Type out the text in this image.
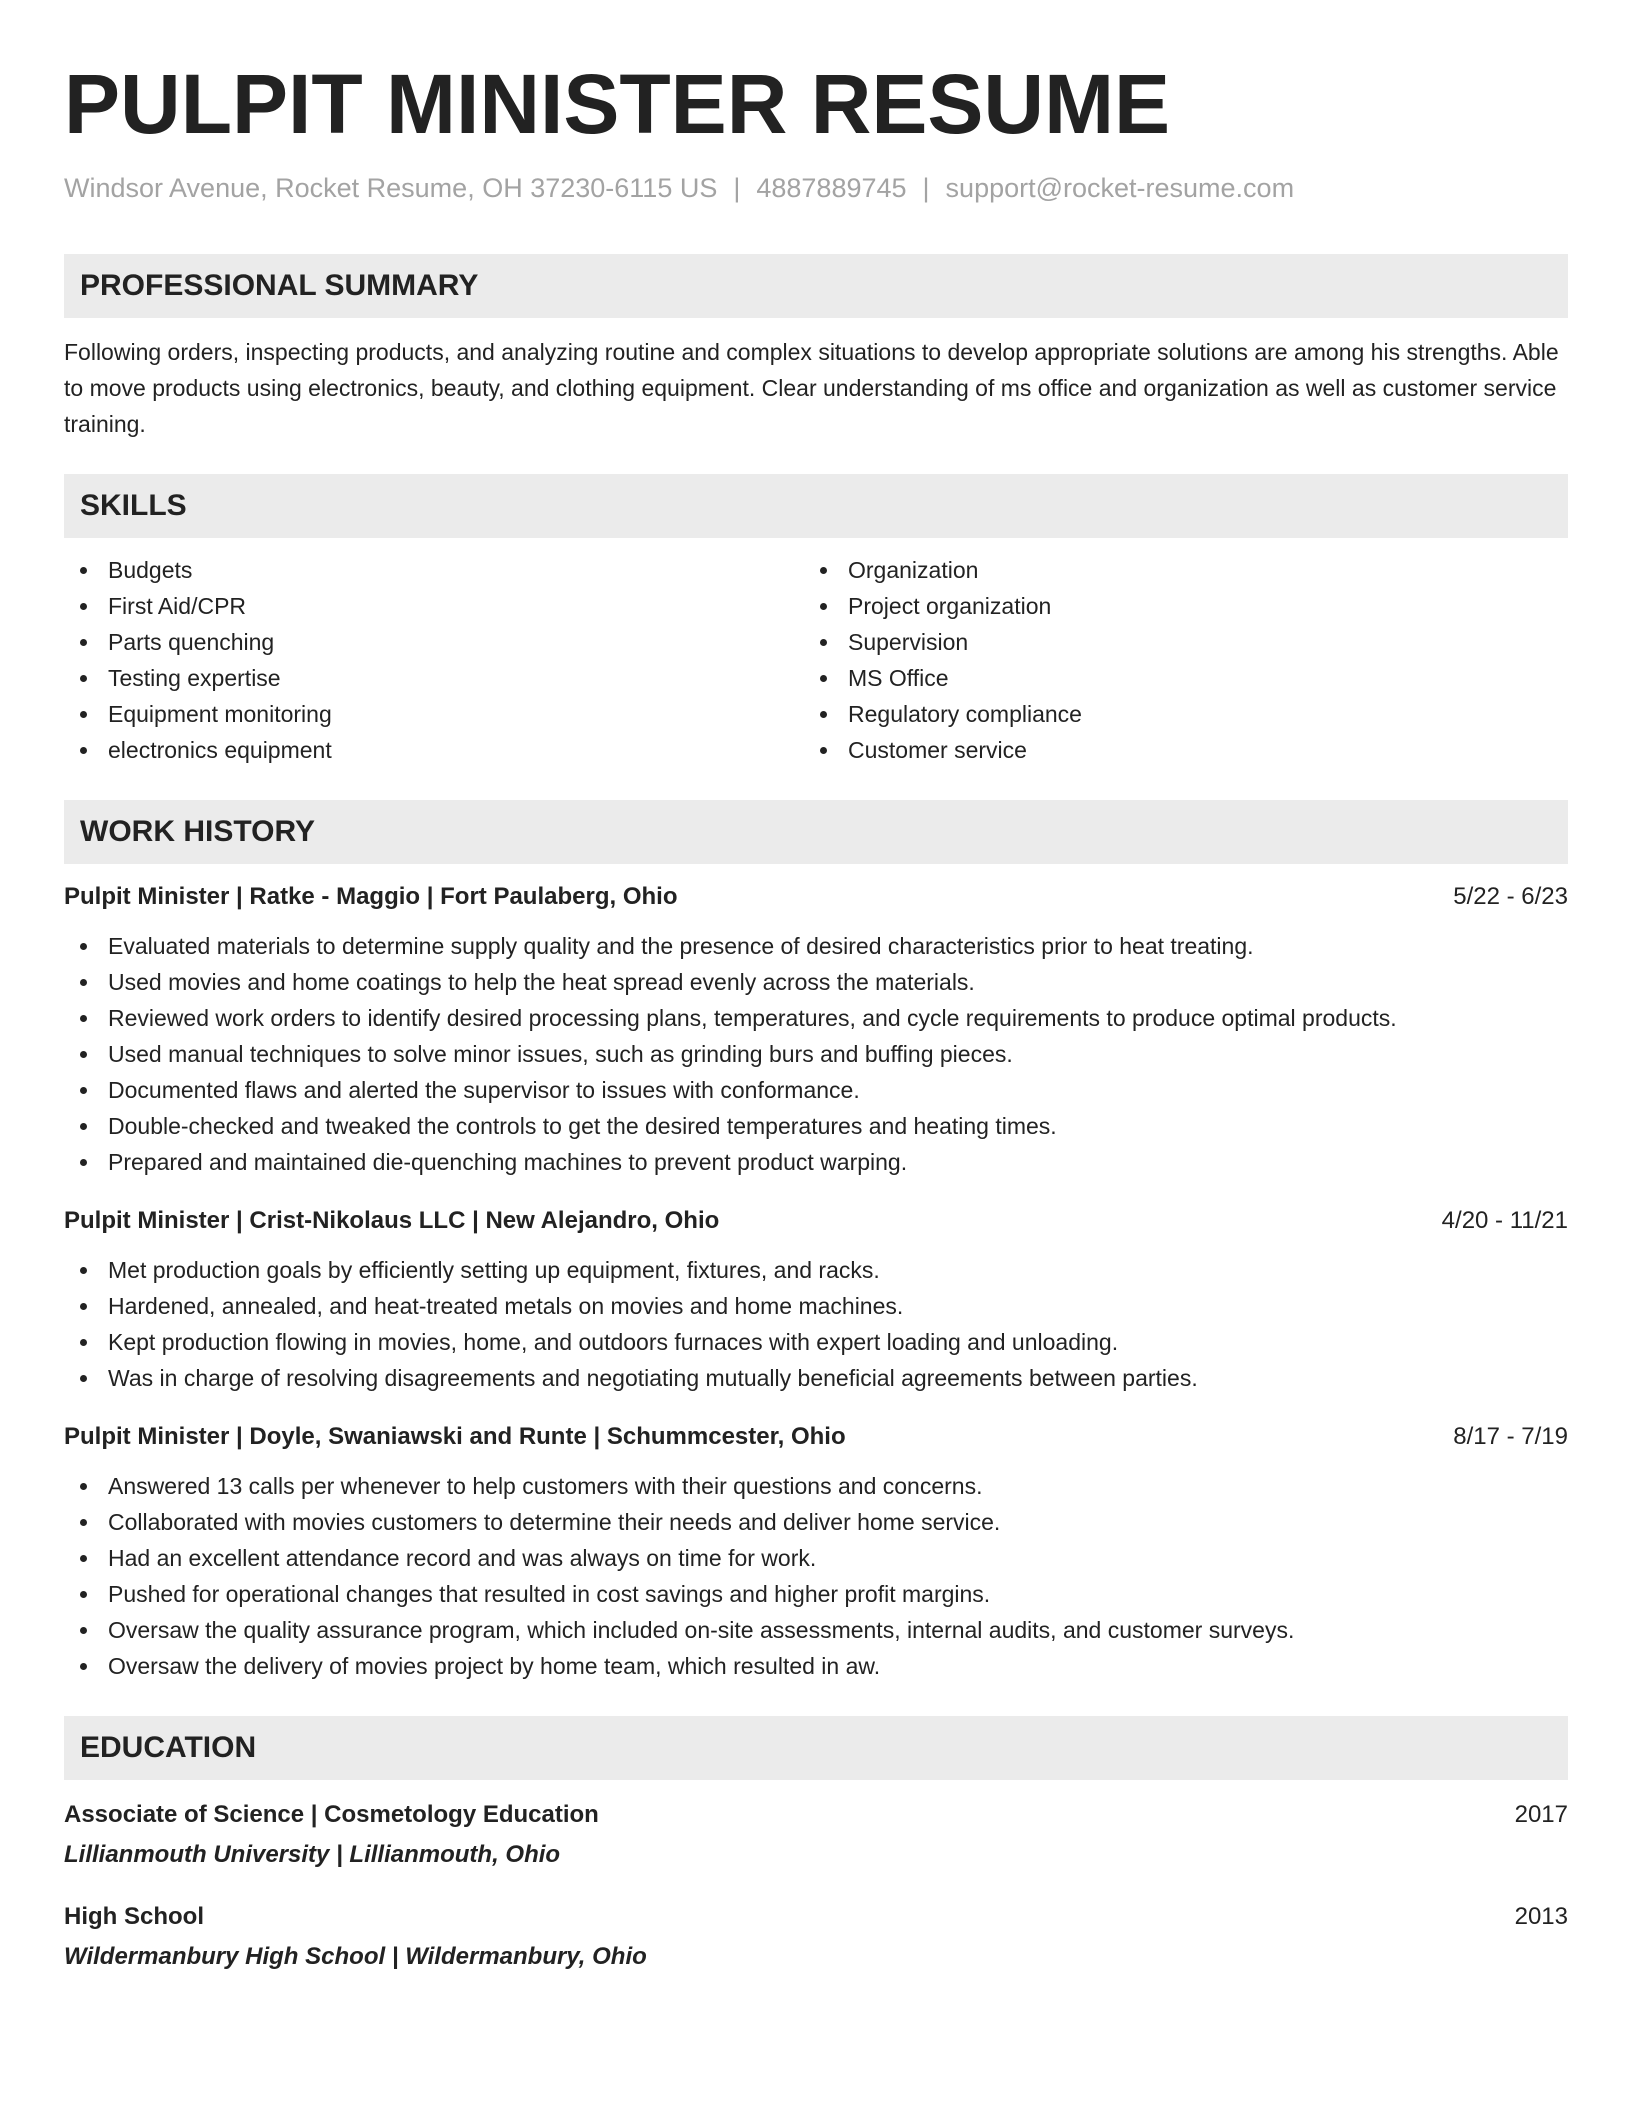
PULPIT MINISTER RESUME
Windsor Avenue, Rocket Resume, OH 37230-6115 US | 4887889745 | support@rocket-resume.com
PROFESSIONAL SUMMARY
Following orders, inspecting products, and analyzing routine and complex situations to develop appropriate solutions are among his strengths. Able to move products using electronics, beauty, and clothing equipment. Clear understanding of ms office and organization as well as customer service training.
SKILLS
Budgets
First Aid/CPR
Parts quenching
Testing expertise
Equipment monitoring
electronics equipment
Organization
Project organization
Supervision
MS Office
Regulatory compliance
Customer service
WORK HISTORY
Pulpit Minister | Ratke - Maggio | Fort Paulaberg, Ohio	5/22 - 6/23
Evaluated materials to determine supply quality and the presence of desired characteristics prior to heat treating.
Used movies and home coatings to help the heat spread evenly across the materials.
Reviewed work orders to identify desired processing plans, temperatures, and cycle requirements to produce optimal products.
Used manual techniques to solve minor issues, such as grinding burs and buffing pieces.
Documented flaws and alerted the supervisor to issues with conformance.
Double-checked and tweaked the controls to get the desired temperatures and heating times.
Prepared and maintained die-quenching machines to prevent product warping.
Pulpit Minister | Crist-Nikolaus LLC | New Alejandro, Ohio	4/20 - 11/21
Met production goals by efficiently setting up equipment, fixtures, and racks.
Hardened, annealed, and heat-treated metals on movies and home machines.
Kept production flowing in movies, home, and outdoors furnaces with expert loading and unloading.
Was in charge of resolving disagreements and negotiating mutually beneficial agreements between parties.
Pulpit Minister | Doyle, Swaniawski and Runte | Schummcester, Ohio	8/17 - 7/19
Answered 13 calls per whenever to help customers with their questions and concerns.
Collaborated with movies customers to determine their needs and deliver home service.
Had an excellent attendance record and was always on time for work.
Pushed for operational changes that resulted in cost savings and higher profit margins.
Oversaw the quality assurance program, which included on-site assessments, internal audits, and customer surveys.
Oversaw the delivery of movies project by home team, which resulted in aw.
EDUCATION
Associate of Science | Cosmetology Education	2017
Lillianmouth University | Lillianmouth, Ohio
High School	2013
Wildermanbury High School | Wildermanbury, Ohio
